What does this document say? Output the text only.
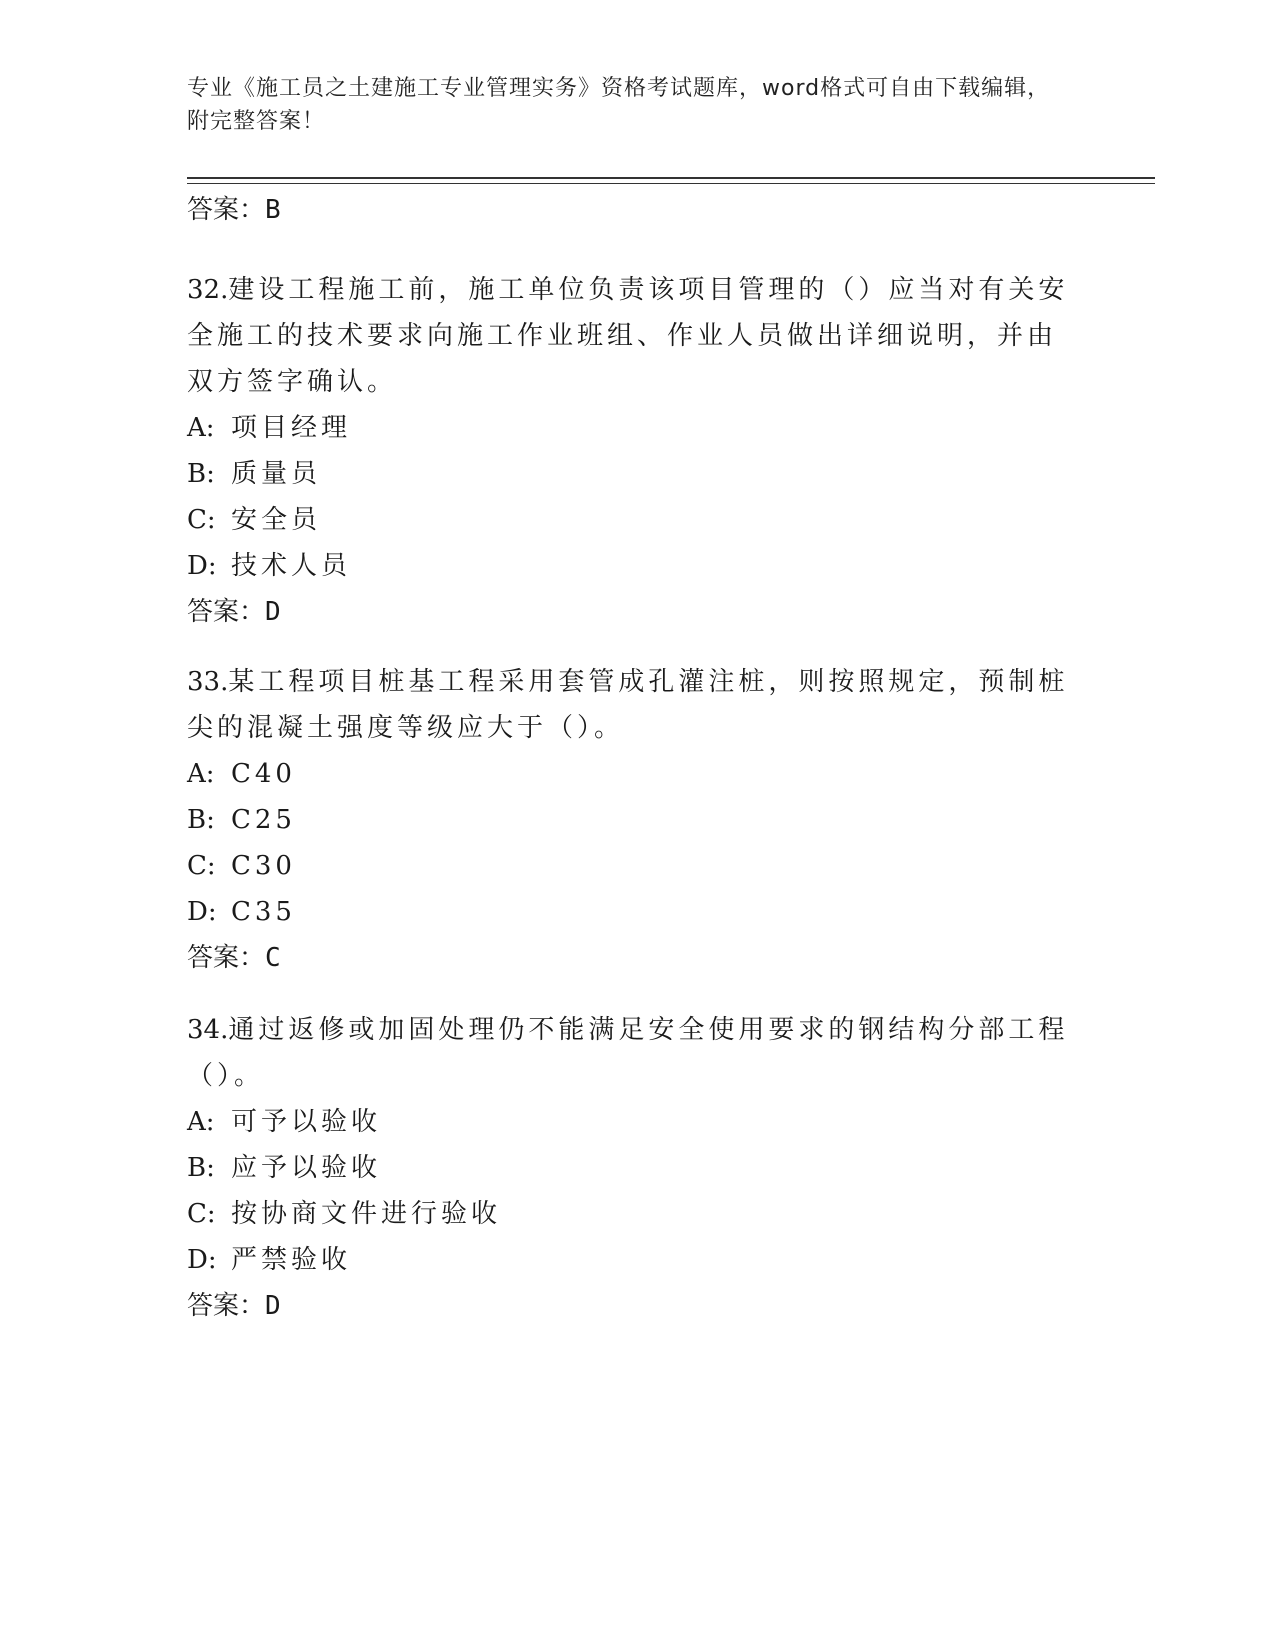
专业《施工员之土建施工专业管理实务》资格考试题库，word格式可自由下载编辑，附完整答案！
答案：B

32.建设工程施工前，施工单位负责该项目管理的（）应当对有关安全施工的技术要求向施工作业班组、作业人员做出详细说明，并由双方签字确认。

A: 项目经理
B: 质量员
C: 安全员
D: 技术人员
答案：D

33.某工程项目桩基工程采用套管成孔灌注桩，则按照规定，预制桩尖的混凝土强度等级应大于（）。

A: C40
B: C25
C: C30
D: C35
答案：C

34.通过返修或加固处理仍不能满足安全使用要求的钢结构分部工程（）。

A: 可予以验收
B: 应予以验收
C: 按协商文件进行验收
D: 严禁验收
答案：D
